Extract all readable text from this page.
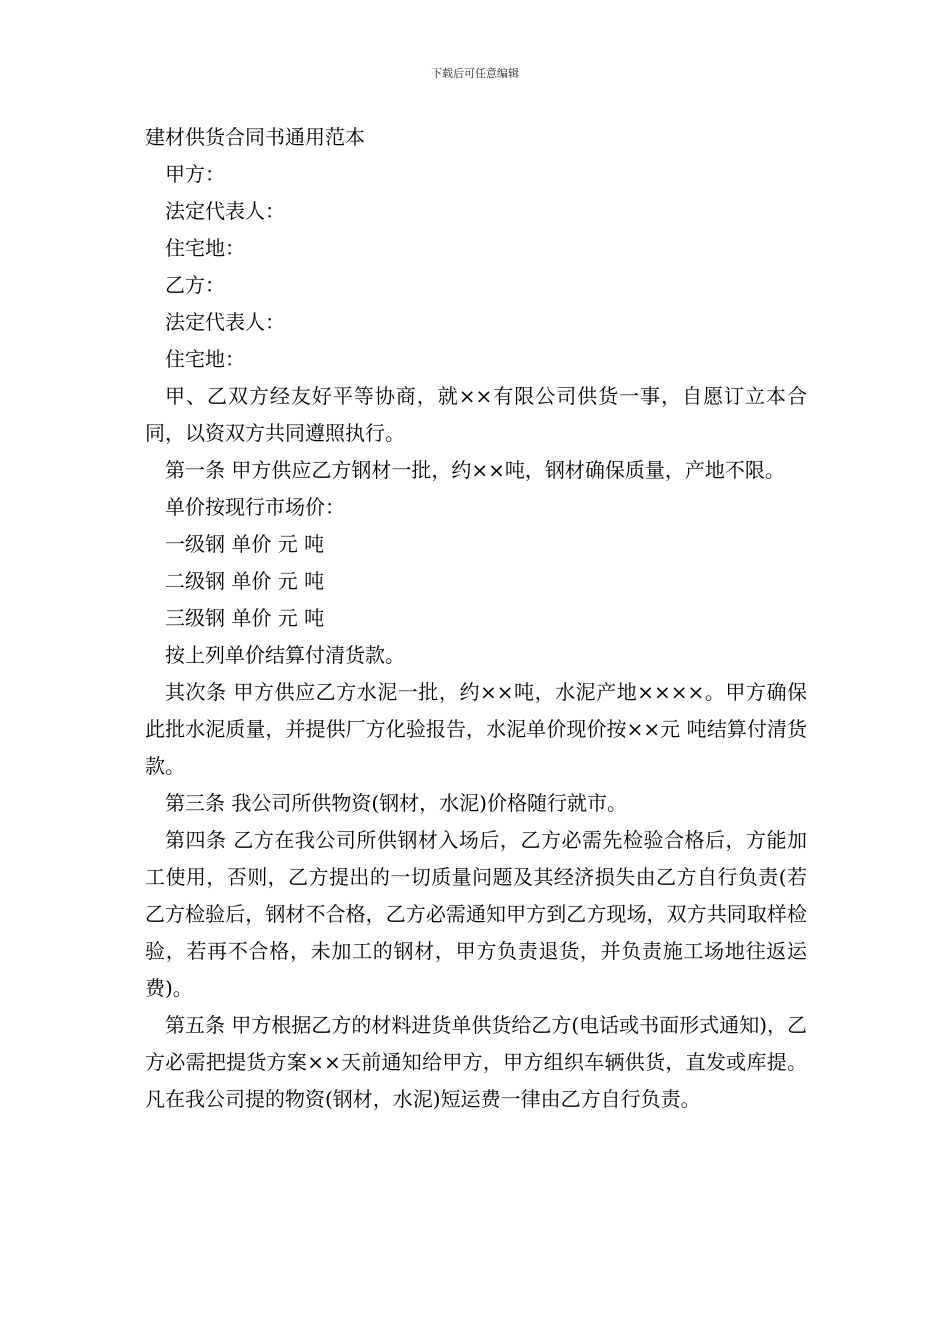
下载后可任意编辑
建材供货合同书通用范本

甲方：

法定代表人：

住宅地：

乙方：

法定代表人：

住宅地：

甲、乙双方经友好平等协商，就××有限公司供货一事，自愿订立本合同，以资双方共同遵照执行。

第一条 甲方供应乙方钢材一批，约××吨，钢材确保质量，产地不限。

单价按现行市场价：

一级钢 单价 元 吨

二级钢 单价 元 吨

三级钢 单价 元 吨

按上列单价结算付清货款。

其次条 甲方供应乙方水泥一批，约××吨，水泥产地××××。甲方确保此批水泥质量，并提供厂方化验报告，水泥单价现价按××元 吨结算付清货款。

第三条 我公司所供物资(钢材，水泥)价格随行就市。

第四条 乙方在我公司所供钢材入场后，乙方必需先检验合格后，方能加工使用，否则，乙方提出的一切质量问题及其经济损失由乙方自行负责(若乙方检验后，钢材不合格，乙方必需通知甲方到乙方现场，双方共同取样检验，若再不合格，未加工的钢材，甲方负责退货，并负责施工场地往返运费)。

第五条 甲方根据乙方的材料进货单供货给乙方(电话或书面形式通知)，乙方必需把提货方案××天前通知给甲方，甲方组织车辆供货，直发或库提。凡在我公司提的物资(钢材，水泥)短运费一律由乙方自行负责。
